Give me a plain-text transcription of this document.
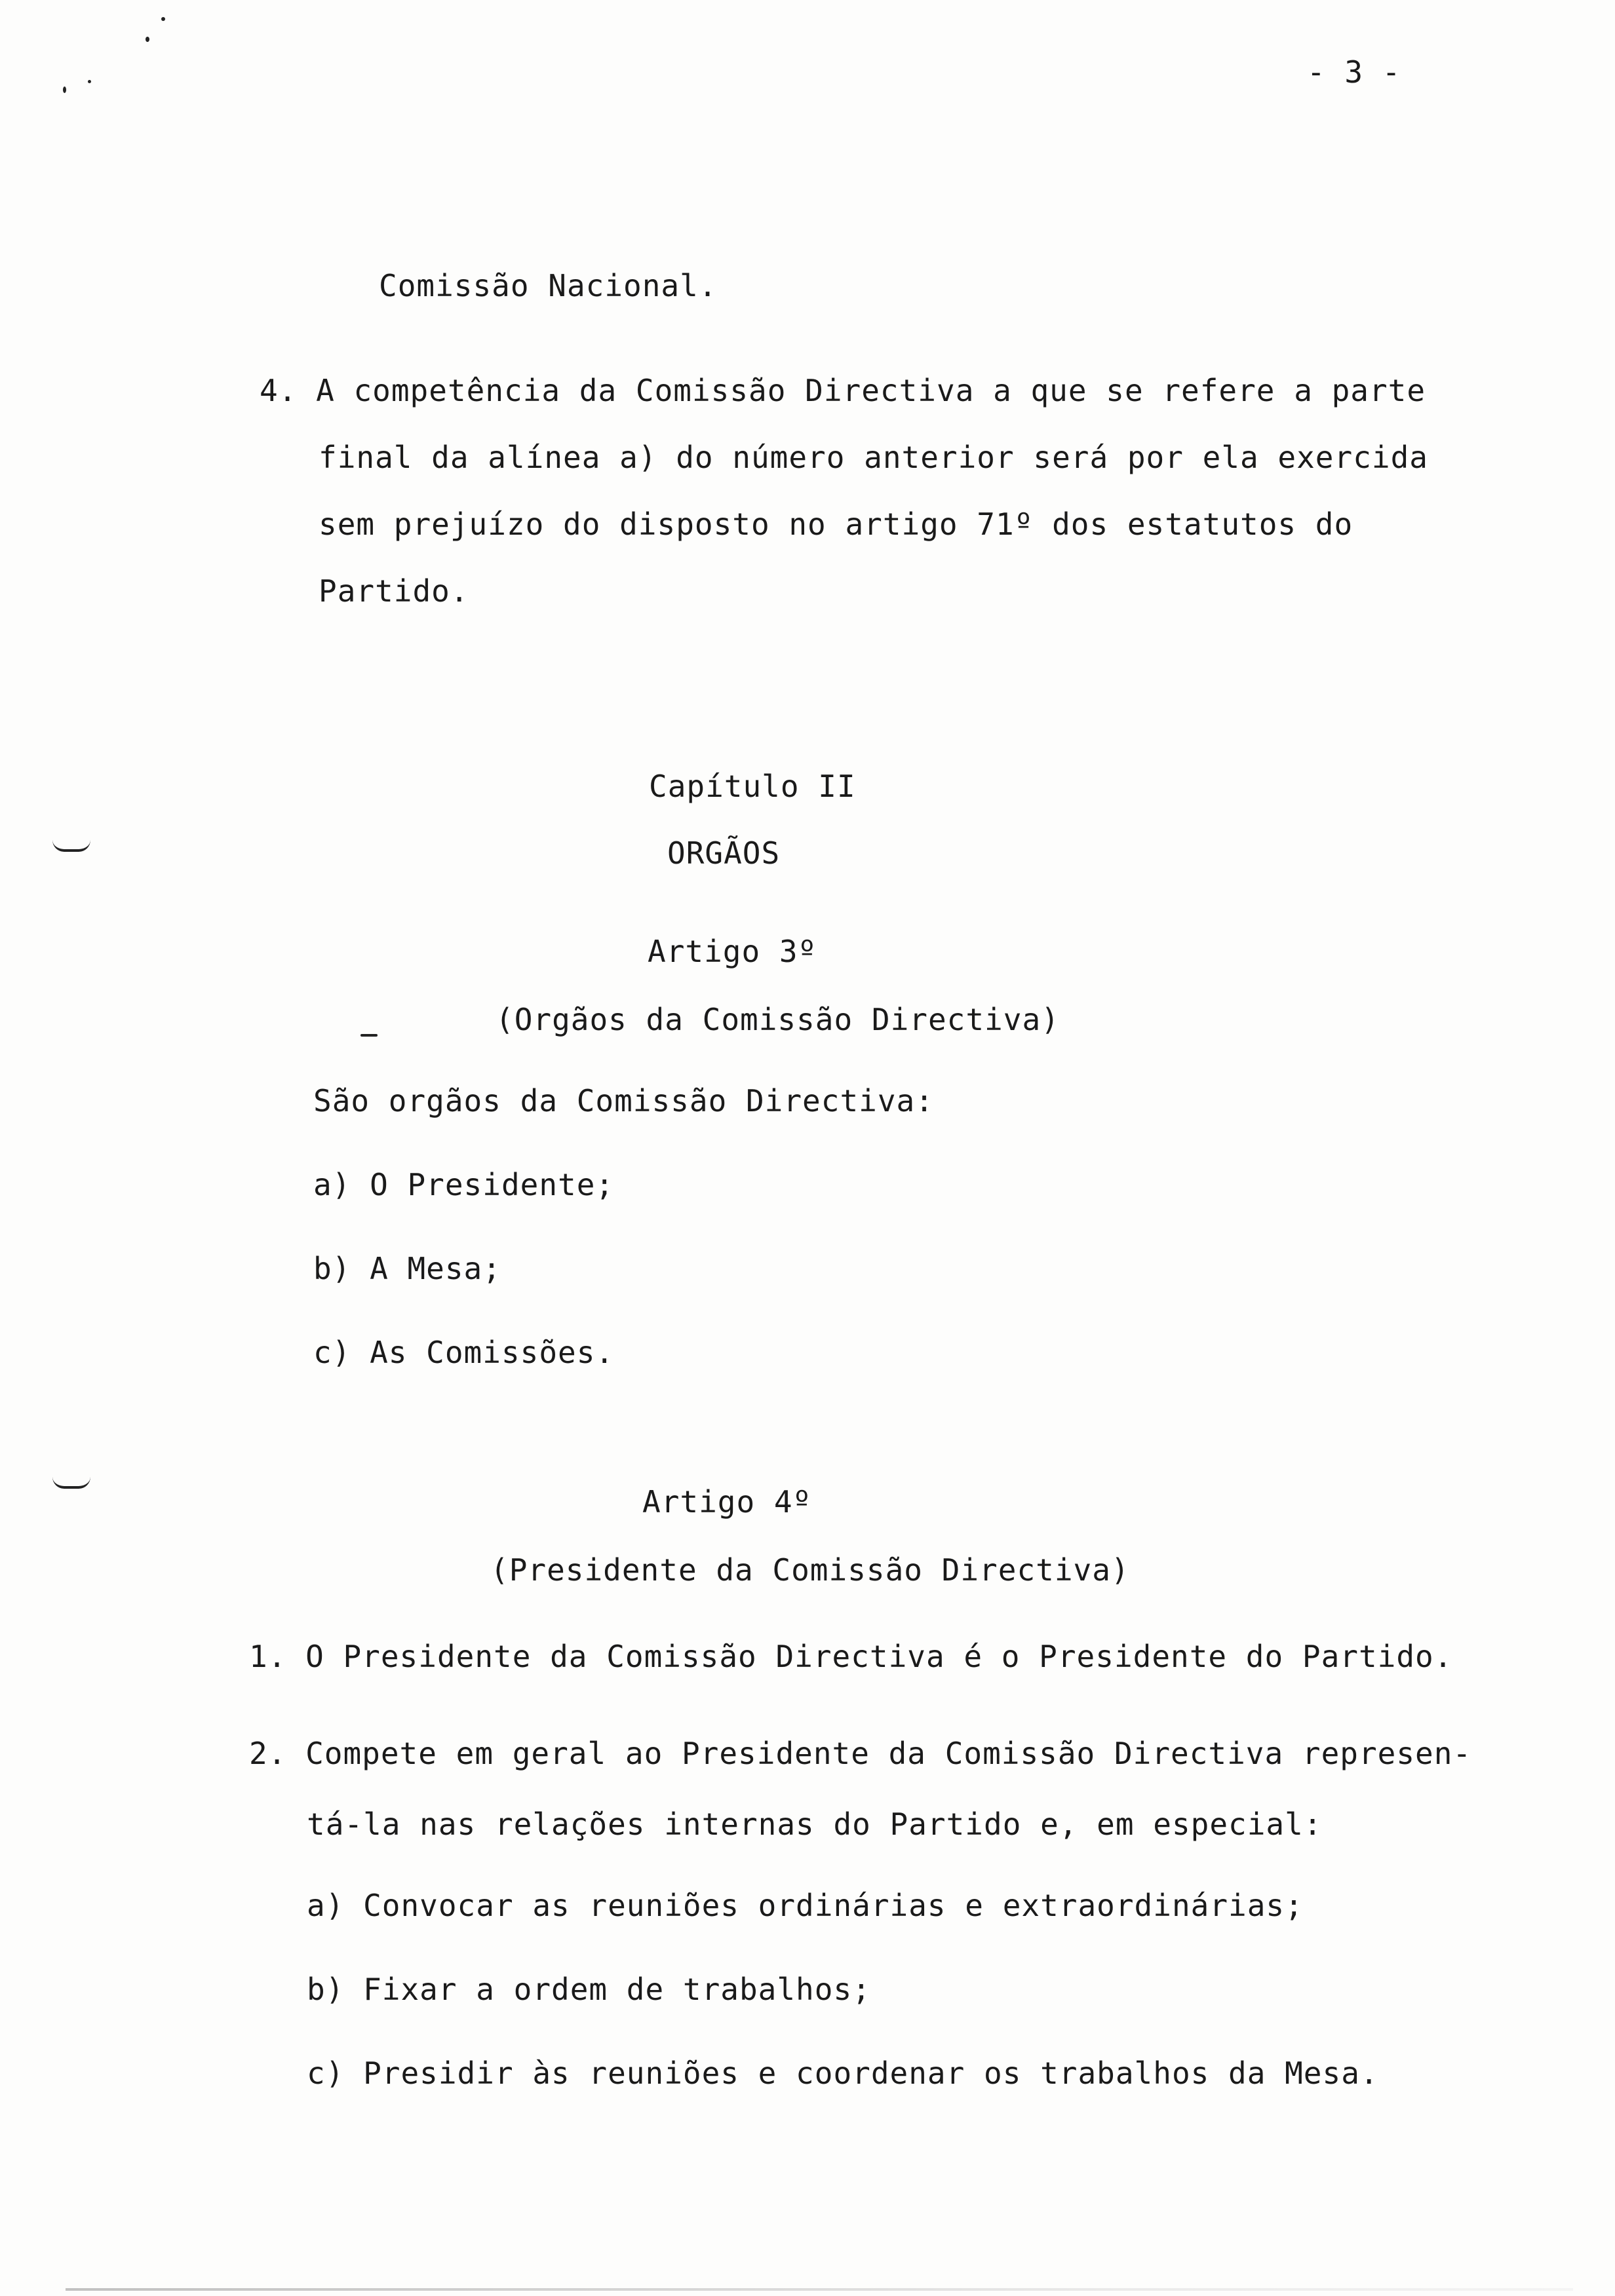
- 3 -
Comissão Nacional.
4. A competência da Comissão Directiva a que se refere a parte
final da alínea a) do número anterior será por ela exercida
sem prejuízo do disposto no artigo 71º dos estatutos do
Partido.
Capítulo II
ORGÃOS
Artigo 3º
(Orgãos da Comissão Directiva)
São orgãos da Comissão Directiva:
a) O Presidente;
b) A Mesa;
c) As Comissões.
Artigo 4º
(Presidente da Comissão Directiva)
1. O Presidente da Comissão Directiva é o Presidente do Partido.
2. Compete em geral ao Presidente da Comissão Directiva represen-
tá-la nas relações internas do Partido e, em especial:
a) Convocar as reuniões ordinárias e extraordinárias;
b) Fixar a ordem de trabalhos;
c) Presidir às reuniões e coordenar os trabalhos da Mesa.
